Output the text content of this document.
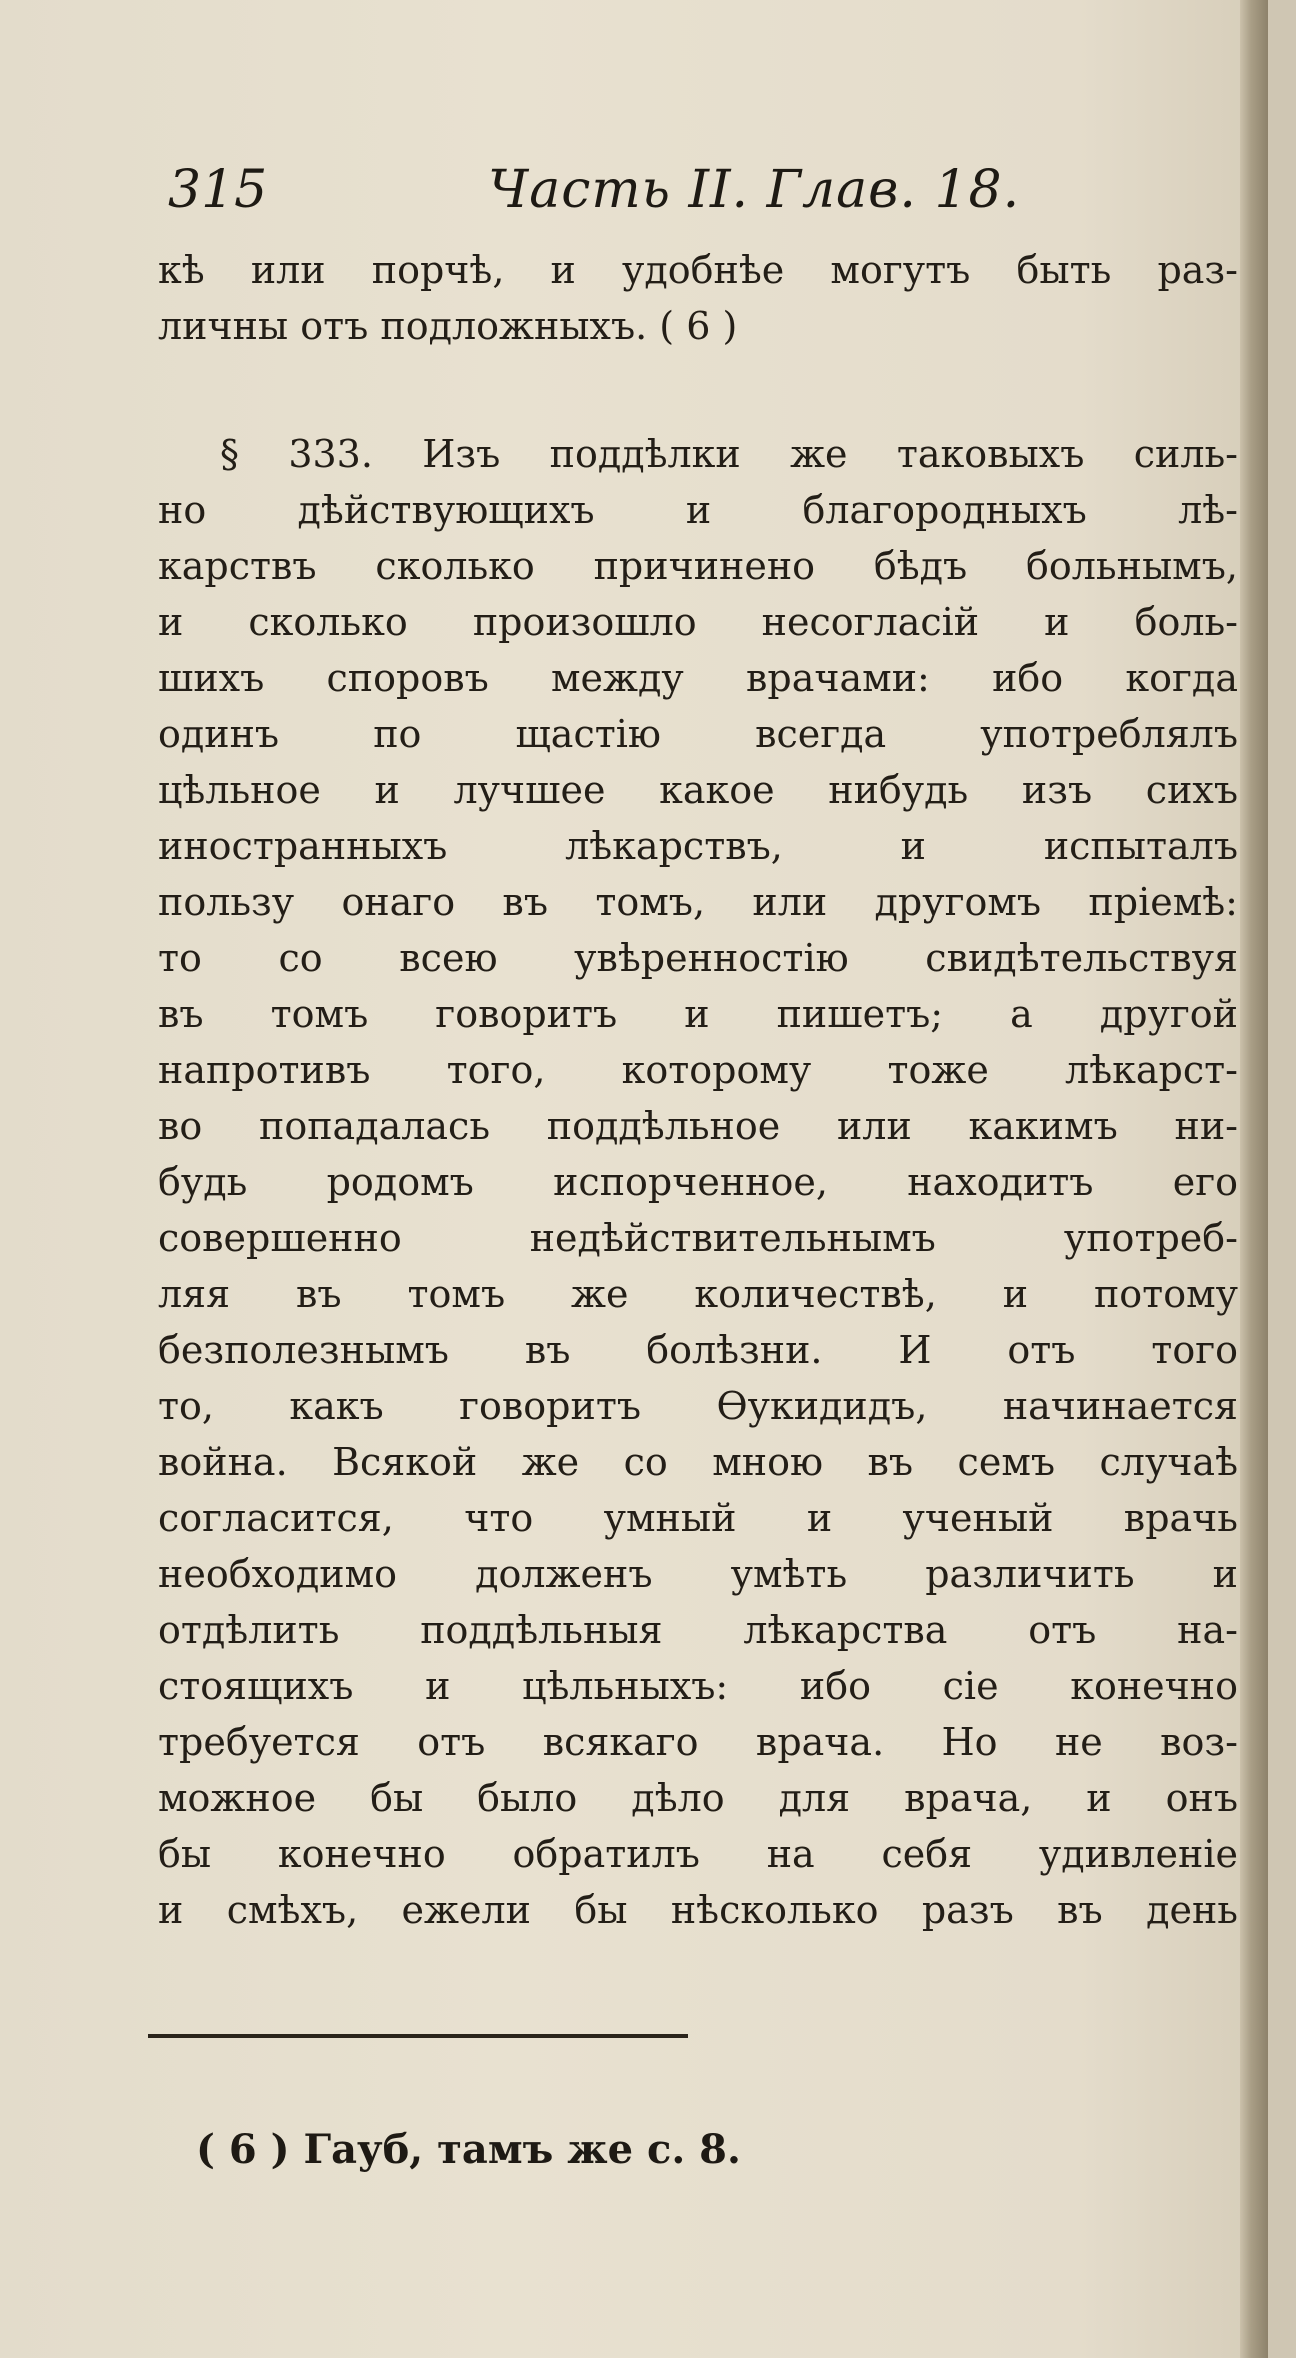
315	Часть II. Глав. 18.
кѣ или порчѣ, и удобнѣе могутъ быть раз-
личны отъ подложныхъ. ( 6 )
§ 333. Изъ поддѣлки же таковыхъ силь-
но дѣйствующихъ и благородныхъ лѣ-
карствъ сколько причинено бѣдъ больнымъ,
и сколько произошло несогласій и боль-
шихъ споровъ между врачами: ибо когда
одинъ по щастію всегда употреблялъ
цѣльное и лучшее какое нибудь изъ сихъ
иностранныхъ лѣкарствъ, и испыталъ
пользу онаго въ томъ, или другомъ пріемѣ:
то со всею увѣренностію свидѣтельствуя
въ томъ говоритъ и пишетъ; а другой
напротивъ того, которому тоже лѣкарст-
во попадалась поддѣльное или какимъ ни-
будь родомъ испорченное, находитъ его
совершенно недѣйствительнымъ употреб-
ляя въ томъ же количествѣ, и потому
безполезнымъ въ болѣзни. И отъ того
то, какъ говоритъ Ѳукидидъ, начинается
война. Всякой же со мною въ семъ случаѣ
согласится, что умный и ученый врачь
необходимо долженъ умѣть различить и
отдѣлить поддѣльныя лѣкарства отъ на-
стоящихъ и цѣльныхъ: ибо сіе конечно
требуется отъ всякаго врача. Но не воз-
можное бы было дѣло для врача, и онъ
бы конечно обратилъ на себя удивленіе
и смѣхъ, ежели бы нѣсколько разъ въ день
( 6 ) Гауб, тамъ же с. 8.
